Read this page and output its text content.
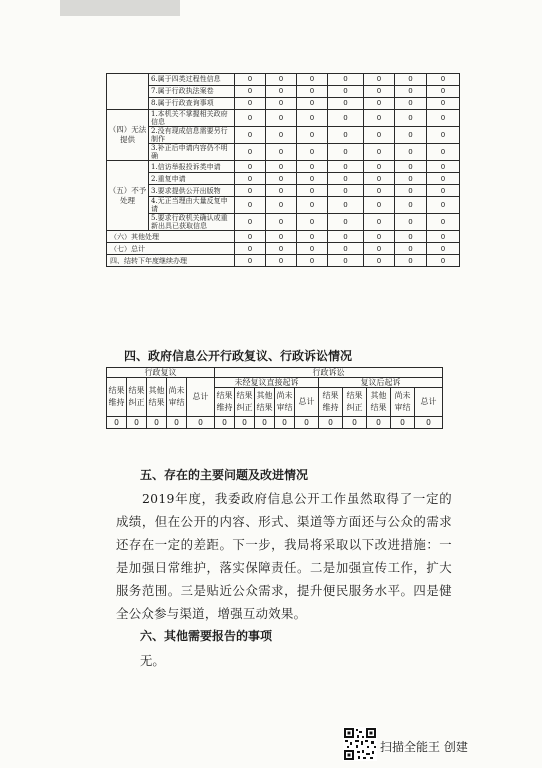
	6.属于四类过程性信息	0	0	0	0	0	0	0
	7.属于行政执法案卷	0	0	0	0	0	0	0
	8.属于行政查询事项	0	0	0	0	0	0	0
（四）无法提供	1.本机关不掌握相关政府信息	0	0	0	0	0	0	0
	2.没有现成信息需要另行制作	0	0	0	0	0	0	0
	3.补正后申请内容仍不明确	0	0	0	0	0	0	0
（五）不予处理	1.信访举报投诉类申请	0	0	0	0	0	0	0
	2.重复申请	0	0	0	0	0	0	0
	3.要求提供公开出版物	0	0	0	0	0	0	0
	4.无正当理由大量反复申请	0	0	0	0	0	0	0
	5.要求行政机关确认或重新出具已获取信息	0	0	0	0	0	0	0
（六）其他处理		0	0	0	0	0	0	0
（七）总计		0	0	0	0	0	0	0
四、结转下年度继续办理		0	0	0	0	0	0	0
四、政府信息公开行政复议、行政诉讼情况
行政复议					行政诉讼									
结果维持	结果纠正	其他结果	尚未审结	总计	未经复议直接起诉					复议后起诉				
					结果维持	结果纠正	其他结果	尚未审结	总计	结果维持	结果纠正	其他结果	尚未审结	总计
0	0	0	0	0	0	0	0	0	0	0	0	0	0	0
五、存在的主要问题及改进情况
2019年度，我委政府信息公开工作虽然取得了一定的成绩，但在公开的内容、形式、渠道等方面还与公众的需求还存在一定的差距。下一步，我局将采取以下改进措施：一是加强日常维护，落实保障责任。二是加强宣传工作，扩大服务范围。三是贴近公众需求，提升便民服务水平。四是健全公众参与渠道，增强互动效果。
六、其他需要报告的事项
无。
扫描全能王 创建
